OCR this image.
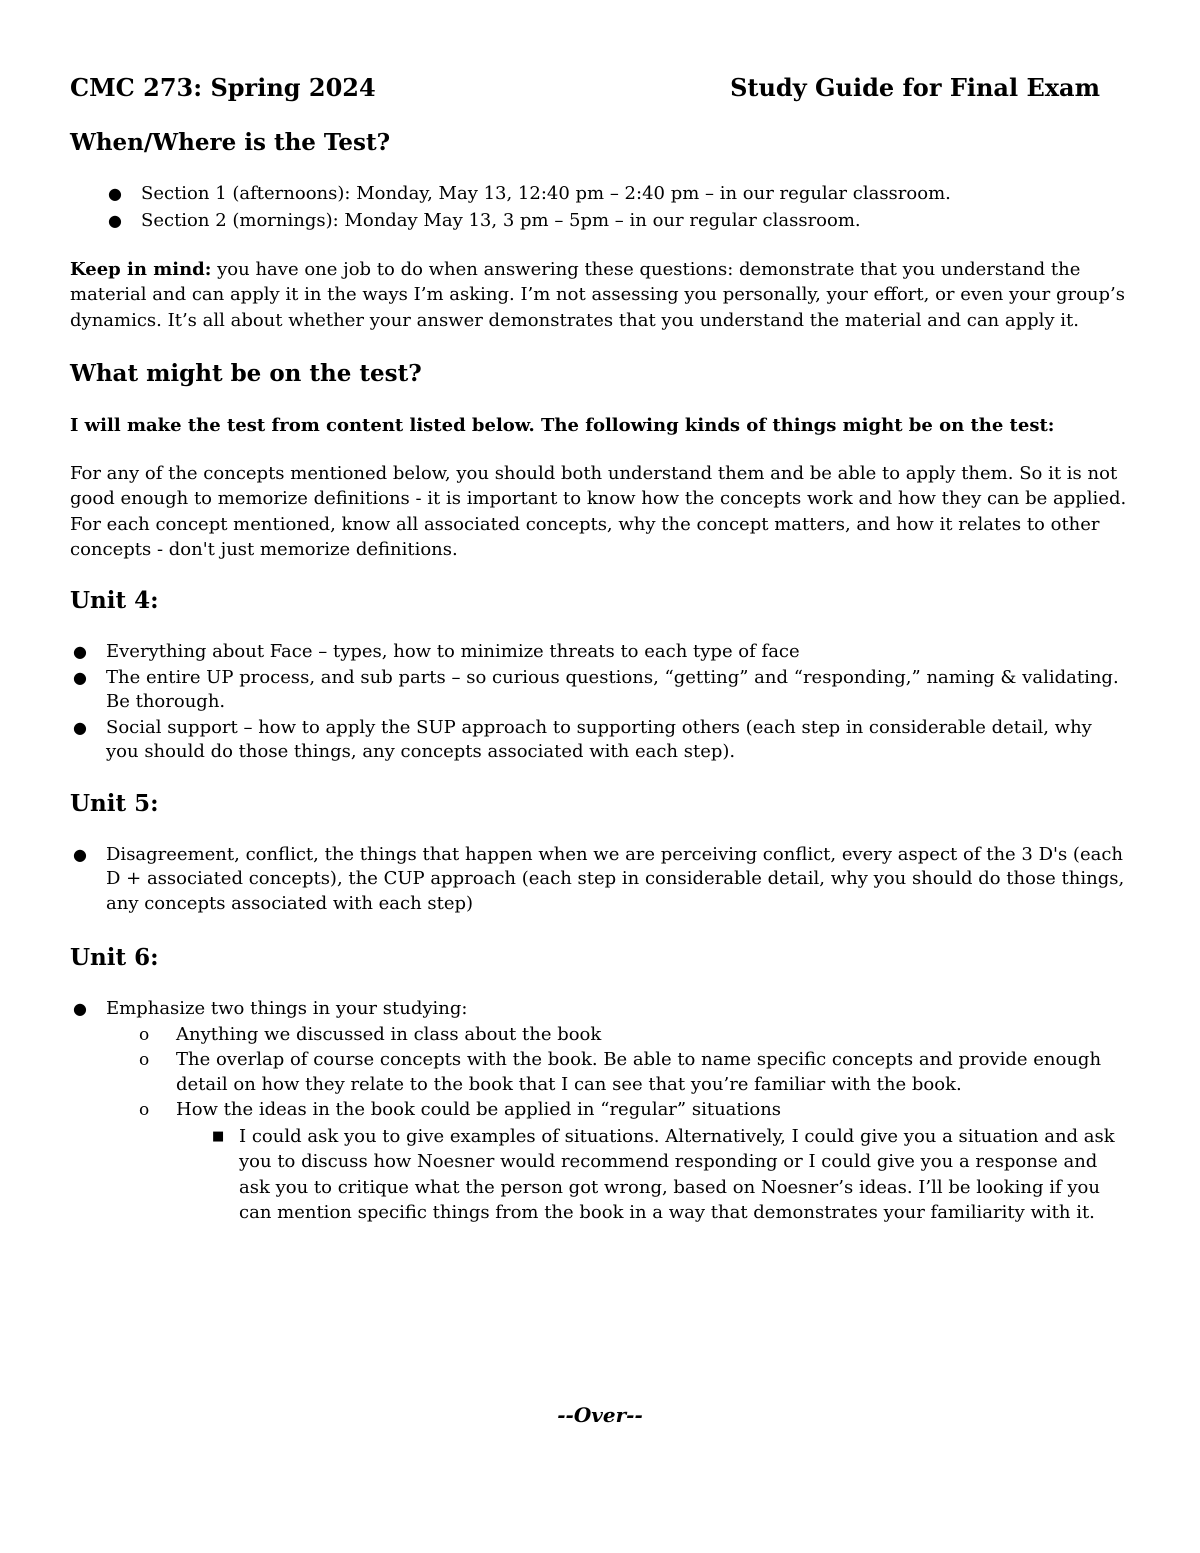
CMC 273: Spring 2024	Study Guide for Final Exam
When/Where is the Test?
● Section 1 (afternoons): Monday, May 13, 12:40 pm – 2:40 pm – in our regular classroom.
● Section 2 (mornings): Monday May 13, 3 pm – 5pm – in our regular classroom.

Keep in mind: you have one job to do when answering these questions: demonstrate that you understand the material and can apply it in the ways I’m asking. I’m not assessing you personally, your effort, or even your group’s dynamics. It’s all about whether your answer demonstrates that you understand the material and can apply it.

What might be on the test?

I will make the test from content listed below. The following kinds of things might be on the test:

For any of the concepts mentioned below, you should both understand them and be able to apply them. So it is not good enough to memorize definitions - it is important to know how the concepts work and how they can be applied. For each concept mentioned, know all associated concepts, why the concept matters, and how it relates to other concepts - don't just memorize definitions.

Unit 4:
● Everything about Face – types, how to minimize threats to each type of face
● The entire UP process, and sub parts – so curious questions, “getting” and “responding,” naming & validating. Be thorough.
● Social support – how to apply the SUP approach to supporting others (each step in considerable detail, why you should do those things, any concepts associated with each step).
Unit 5:
● Disagreement, conflict, the things that happen when we are perceiving conflict, every aspect of the 3 D's (each D + associated concepts), the CUP approach (each step in considerable detail, why you should do those things, any concepts associated with each step)
Unit 6:
● Emphasize two things in your studying:
o Anything we discussed in class about the book
o The overlap of course concepts with the book. Be able to name specific concepts and provide enough detail on how they relate to the book that I can see that you’re familiar with the book.
o How the ideas in the book could be applied in “regular” situations
■ I could ask you to give examples of situations. Alternatively, I could give you a situation and ask you to discuss how Noesner would recommend responding or I could give you a response and ask you to critique what the person got wrong, based on Noesner’s ideas. I’ll be looking if you can mention specific things from the book in a way that demonstrates your familiarity with it.
--Over--
